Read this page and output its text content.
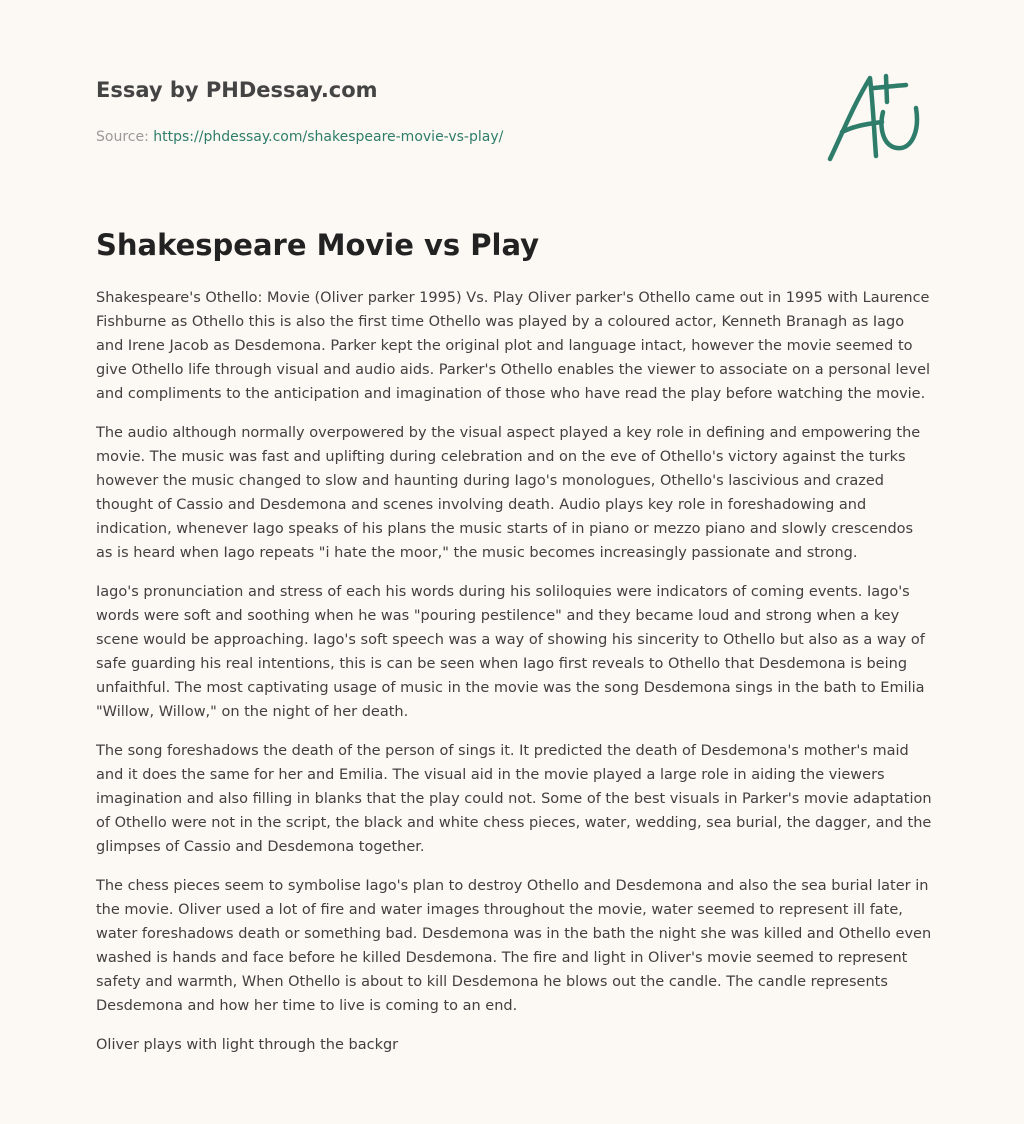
Essay by PHDessay.com
Source: https://phdessay.com/shakespeare-movie-vs-play/
Shakespeare Movie vs Play

Shakespeare's Othello: Movie (Oliver parker 1995) Vs. Play Oliver parker's Othello came out in 1995 with Laurence Fishburne as Othello this is also the first time Othello was played by a coloured actor, Kenneth Branagh as Iago and Irene Jacob as Desdemona. Parker kept the original plot and language intact, however the movie seemed to give Othello life through visual and audio aids. Parker's Othello enables the viewer to associate on a personal level and compliments to the anticipation and imagination of those who have read the play before watching the movie.

The audio although normally overpowered by the visual aspect played a key role in defining and empowering the movie. The music was fast and uplifting during celebration and on the eve of Othello's victory against the turks however the music changed to slow and haunting during Iago's monologues, Othello's lascivious and crazed thought of Cassio and Desdemona and scenes involving death. Audio plays key role in foreshadowing and indication, whenever Iago speaks of his plans the music starts of in piano or mezzo piano and slowly crescendos as is heard when Iago repeats "i hate the moor," the music becomes increasingly passionate and strong.

Iago's pronunciation and stress of each his words during his soliloquies were indicators of coming events. Iago's words were soft and soothing when he was "pouring pestilence" and they became loud and strong when a key scene would be approaching. Iago's soft speech was a way of showing his sincerity to Othello but also as a way of safe guarding his real intentions, this is can be seen when Iago first reveals to Othello that Desdemona is being unfaithful. The most captivating usage of music in the movie was the song Desdemona sings in the bath to Emilia "Willow, Willow," on the night of her death.

The song foreshadows the death of the person of sings it. It predicted the death of Desdemona's mother's maid and it does the same for her and Emilia. The visual aid in the movie played a large role in aiding the viewers imagination and also filling in blanks that the play could not. Some of the best visuals in Parker's movie adaptation of Othello were not in the script, the black and white chess pieces, water, wedding, sea burial, the dagger, and the glimpses of Cassio and Desdemona together.

The chess pieces seem to symbolise Iago's plan to destroy Othello and Desdemona and also the sea burial later in the movie. Oliver used a lot of fire and water images throughout the movie, water seemed to represent ill fate, water foreshadows death or something bad. Desdemona was in the bath the night she was killed and Othello even washed is hands and face before he killed Desdemona. The fire and light in Oliver's movie seemed to represent safety and warmth, When Othello is about to kill Desdemona he blows out the candle. The candle represents Desdemona and how her time to live is coming to an end.

Oliver plays with light through the backgr
